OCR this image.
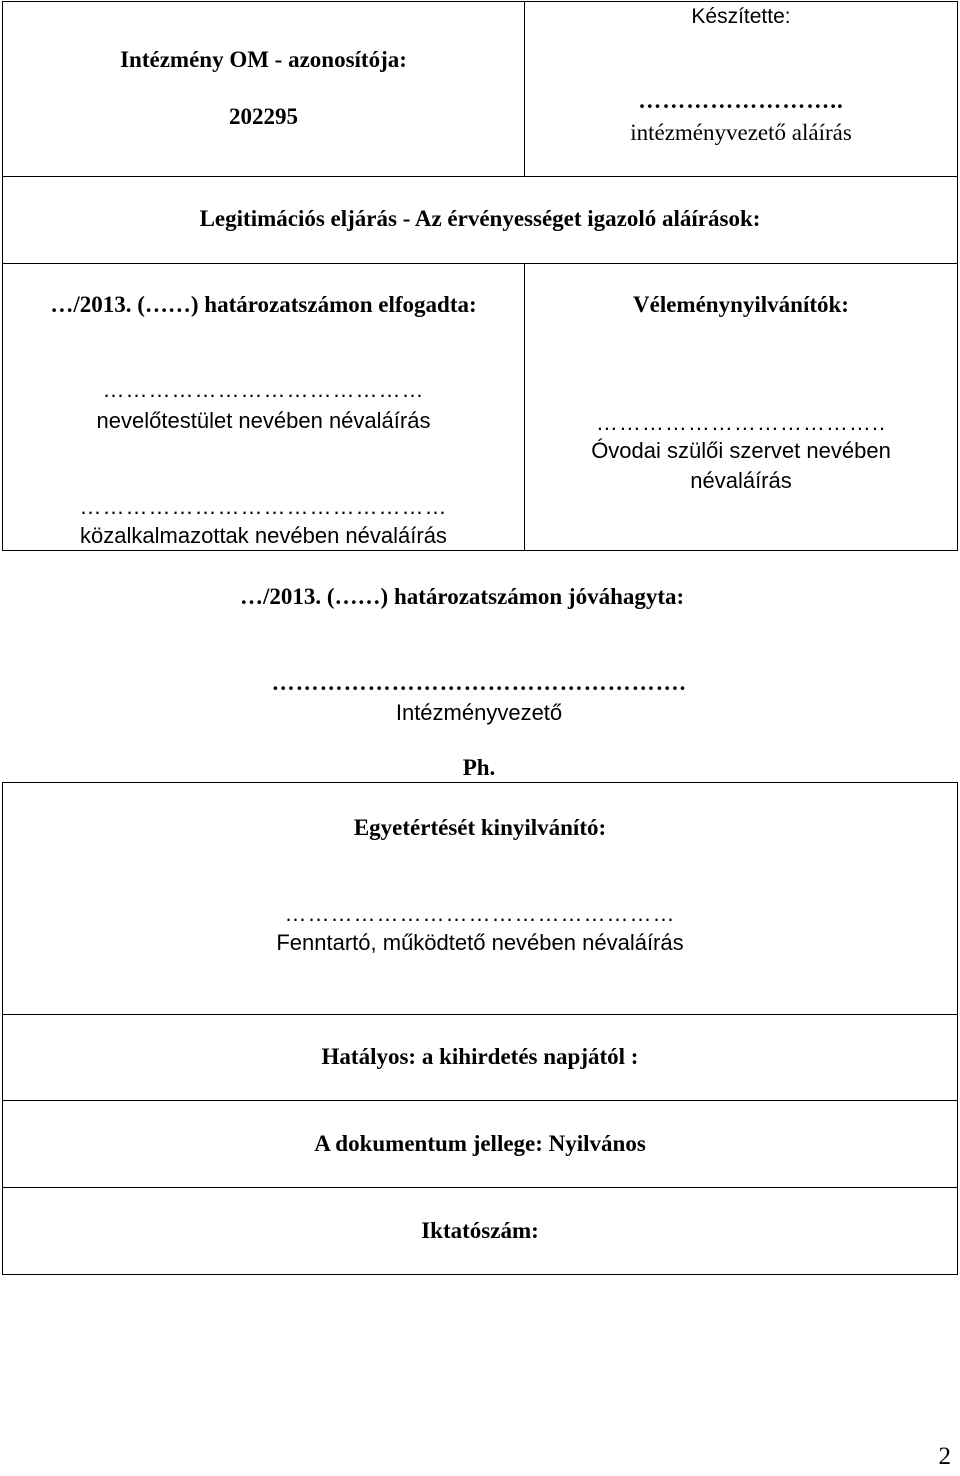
Intézmény OM - azonosítója:
202295
Készítette:
……………………..
intézményvezető aláírás
Legitimációs eljárás - Az érvényességet igazoló aláírások:
…/2013. (……) határozatszámon elfogadta:
……………………………………
nevelőtestület nevében névaláírás
…………………………………………
közalkalmazottak nevében névaláírás
Véleménynyilvánítók:
………………………………..
Óvodai szülői szervet nevében
névaláírás
…/2013. (……) határozatszámon jóváhagyta:
…………………………………………….
Intézményvezető
Ph.
Egyetértését kinyilvánító:
……………………………………………
Fenntartó, működtető nevében névaláírás
Hatályos: a kihirdetés napjától :
A dokumentum jellege: Nyilvános
Iktatószám:
2
